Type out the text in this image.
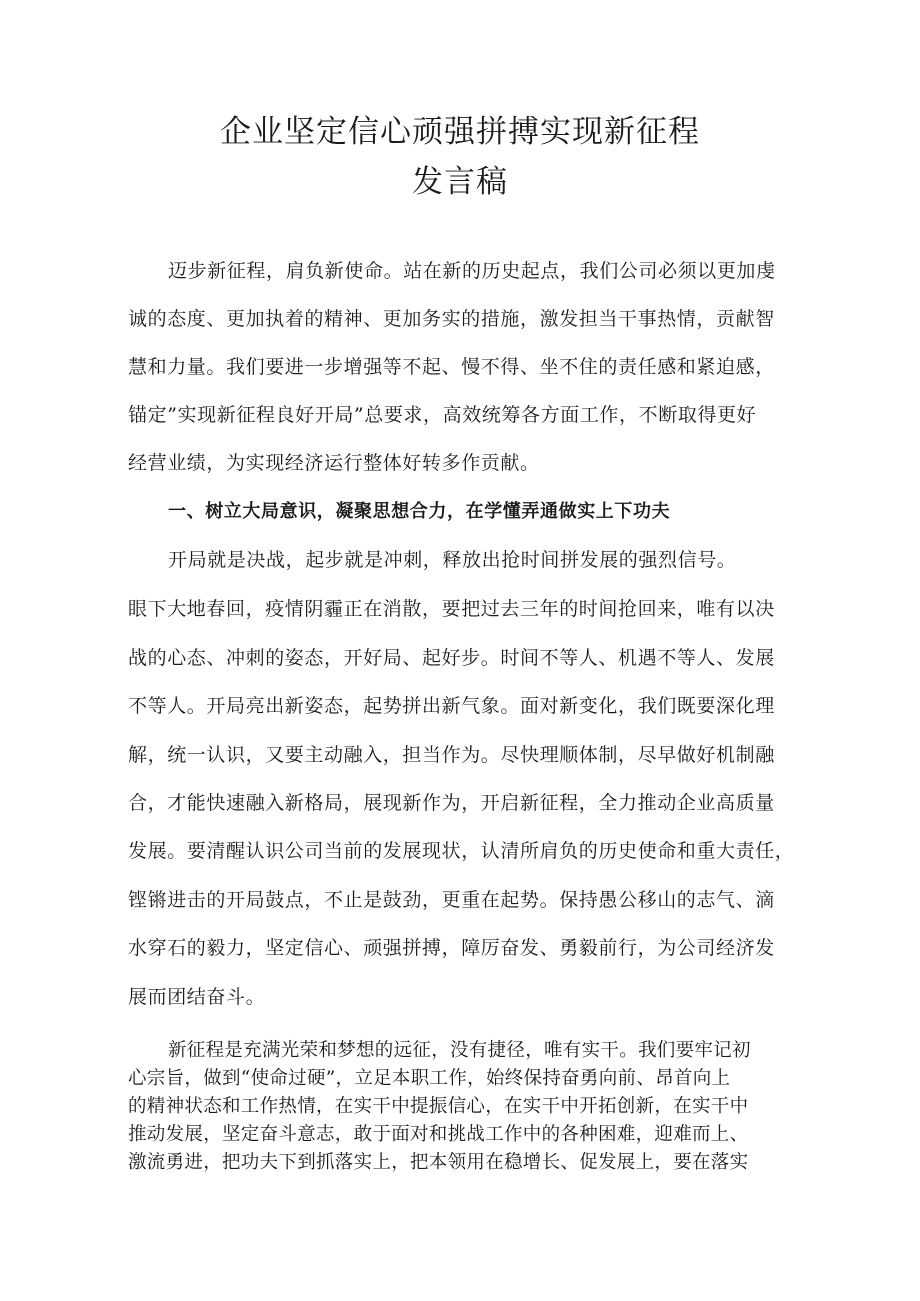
企业坚定信心顽强拼搏实现新征程
发言稿
迈步新征程，肩负新使命。站在新的历史起点，我们公司必须以更加虔
诚的态度、更加执着的精神、更加务实的措施，激发担当干事热情，贡献智
慧和力量。我们要进一步增强等不起、慢不得、坐不住的责任感和紧迫感，
锚定”实现新征程良好开局”总要求，高效统筹各方面工作，不断取得更好
经营业绩，为实现经济运行整体好转多作贡献。
一、树立大局意识，凝聚思想合力，在学懂弄通做实上下功夫
开局就是决战，起步就是冲刺，释放出抢时间拼发展的强烈信号。
眼下大地春回，疫情阴霾正在消散，要把过去三年的时间抢回来，唯有以决
战的心态、冲刺的姿态，开好局、起好步。时间不等人、机遇不等人、发展
不等人。开局亮出新姿态，起势拼出新气象。面对新变化，我们既要深化理
解，统一认识，又要主动融入，担当作为。尽快理顺体制，尽早做好机制融
合，才能快速融入新格局，展现新作为，开启新征程，全力推动企业高质量
发展。要清醒认识公司当前的发展现状，认清所肩负的历史使命和重大责任，
铿锵进击的开局鼓点，不止是鼓劲，更重在起势。保持愚公移山的志气、滴
水穿石的毅力，坚定信心、顽强拼搏，障厉奋发、勇毅前行，为公司经济发
展而团结奋斗。
新征程是充满光荣和梦想的远征，没有捷径，唯有实干。我们要牢记初
心宗旨，做到“使命过硬”，立足本职工作，始终保持奋勇向前、昂首向上
的精神状态和工作热情，在实干中提振信心，在实干中开拓创新，在实干中
推动发展，坚定奋斗意志，敢于面对和挑战工作中的各种困难，迎难而上、
激流勇进，把功夫下到抓落实上，把本领用在稳增长、促发展上，要在落实
